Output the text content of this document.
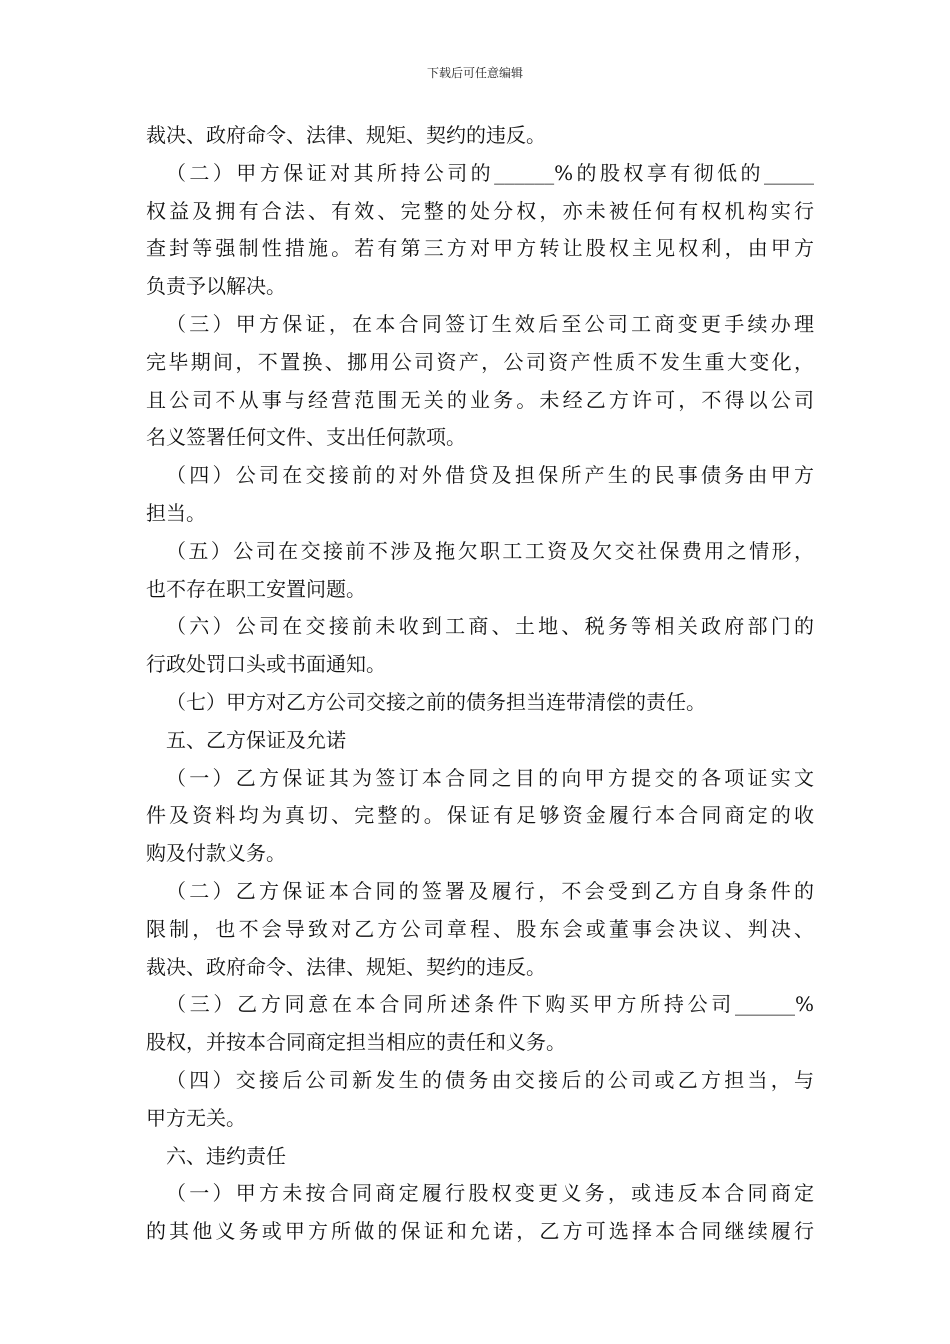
下载后可任意编辑
裁决、政府命令、法律、规矩、契约的违反。
（二）甲方保证对其所持公司的______%的股权享有彻低的_____
权益及拥有合法、有效、完整的处分权，亦未被任何有权机构实行
查封等强制性措施。若有第三方对甲方转让股权主见权利，由甲方
负责予以解决。
（三）甲方保证，在本合同签订生效后至公司工商变更手续办理
完毕期间，不置换、挪用公司资产，公司资产性质不发生重大变化，
且公司不从事与经营范围无关的业务。未经乙方许可，不得以公司
名义签署任何文件、支出任何款项。
（四）公司在交接前的对外借贷及担保所产生的民事债务由甲方
担当。
（五）公司在交接前不涉及拖欠职工工资及欠交社保费用之情形，
也不存在职工安置问题。
（六）公司在交接前未收到工商、土地、税务等相关政府部门的
行政处罚口头或书面通知。
（七）甲方对乙方公司交接之前的债务担当连带清偿的责任。
五、乙方保证及允诺
（一）乙方保证其为签订本合同之目的向甲方提交的各项证实文
件及资料均为真切、完整的。保证有足够资金履行本合同商定的收
购及付款义务。
（二）乙方保证本合同的签署及履行，不会受到乙方自身条件的
限制，也不会导致对乙方公司章程、股东会或董事会决议、判决、
裁决、政府命令、法律、规矩、契约的违反。
（三）乙方同意在本合同所述条件下购买甲方所持公司______%
股权，并按本合同商定担当相应的责任和义务。
（四）交接后公司新发生的债务由交接后的公司或乙方担当，与
甲方无关。
六、违约责任
（一）甲方未按合同商定履行股权变更义务，或违反本合同商定
的其他义务或甲方所做的保证和允诺，乙方可选择本合同继续履行
